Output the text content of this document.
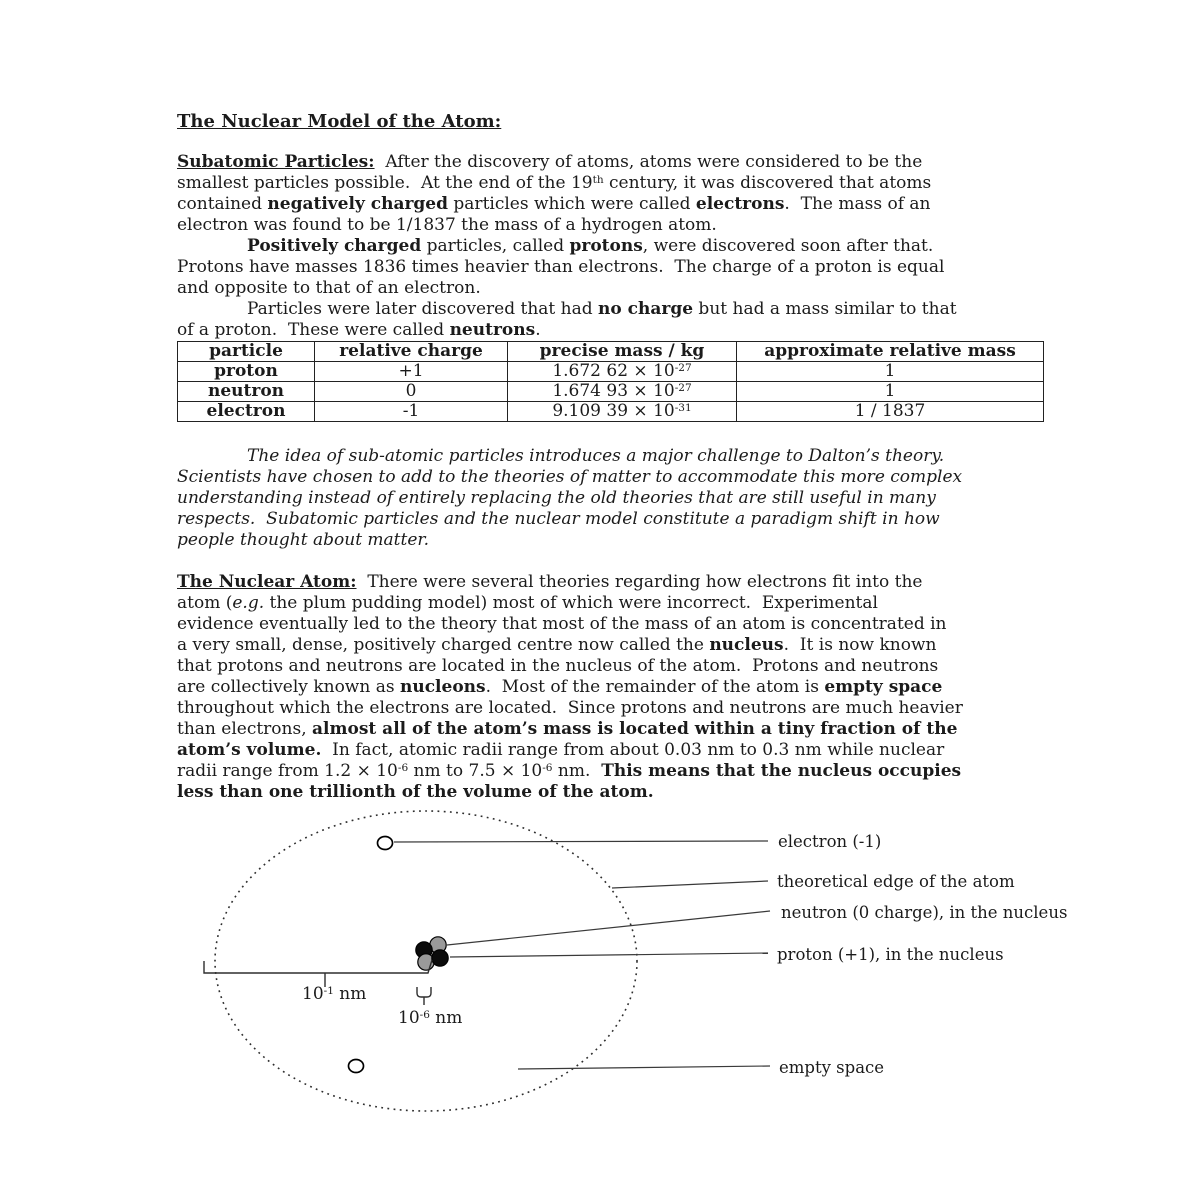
The Nuclear Model of the Atom:

Subatomic Particles:  After the discovery of atoms, atoms were considered to be the
smallest particles possible.  At the end of the 19th century, it was discovered that atoms
contained negatively charged particles which were called electrons.  The mass of an
electron was found to be 1/1837 the mass of a hydrogen atom.

Positively charged particles, called protons, were discovered soon after that.
Protons have masses 1836 times heavier than electrons.  The charge of a proton is equal
and opposite to that of an electron.

Particles were later discovered that had no charge but had a mass similar to that
of a proton.  These were called neutrons.

particle	relative charge	precise mass / kg	approximate relative mass
proton	+1	1.672 $62 \times 10^{-27}$	1
neutron	0	1.674 $93 \times 10^{-27}$	1
electron	-1	9.109 $39 \times 10^{-31}$	1 / 1837

The idea of sub-atomic particles introduces a major challenge to Dalton’s theory.
Scientists have chosen to add to the theories of matter to accommodate this more complex
understanding instead of entirely replacing the old theories that are still useful in many
respects.  Subatomic particles and the nuclear model constitute a paradigm shift in how
people thought about matter.

The Nuclear Atom:  There were several theories regarding how electrons fit into the
atom (e.g. the plum pudding model) most of which were incorrect.  Experimental
evidence eventually led to the theory that most of the mass of an atom is concentrated in
a very small, dense, positively charged centre now called the nucleus.  It is now known
that protons and neutrons are located in the nucleus of the atom.  Protons and neutrons
are collectively known as nucleons.  Most of the remainder of the atom is empty space
throughout which the electrons are located.  Since protons and neutrons are much heavier
than electrons, almost all of the atom’s mass is located within a tiny fraction of the
atom’s volume.  In fact, atomic radii range from about 0.03 nm to 0.3 nm while nuclear
radii range from $1.2 \times 10^{-6}$ nm to $7.5 \times 10^{-6}$ nm.  This means that the nucleus occupies
less than one trillionth of the volume of the atom.

electron (-1)
theoretical edge of the atom
neutron (0 charge), in the nucleus
proton (+1), in the nucleus
empty space
$10^{-1}$ nm
$10^{-6}$ nm
